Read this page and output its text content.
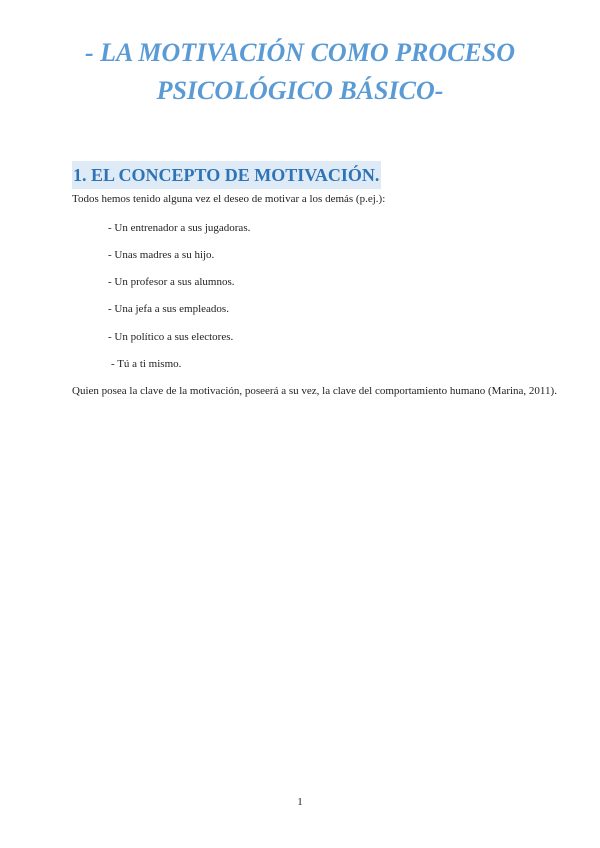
- LA MOTIVACIÓN COMO PROCESO
PSICOLÓGICO BÁSICO-
1. EL CONCEPTO DE MOTIVACIÓN.
Todos hemos tenido alguna vez el deseo de motivar a los demás (p.ej.):
- Un entrenador a sus jugadoras.
- Unas madres a su hijo.
- Un profesor a sus alumnos.
- Una jefa a sus empleados.
- Un político a sus electores.
- Tú a ti mismo.
Quien posea la clave de la motivación, poseerá a su vez, la clave del comportamiento humano (Marina, 2011).
1
